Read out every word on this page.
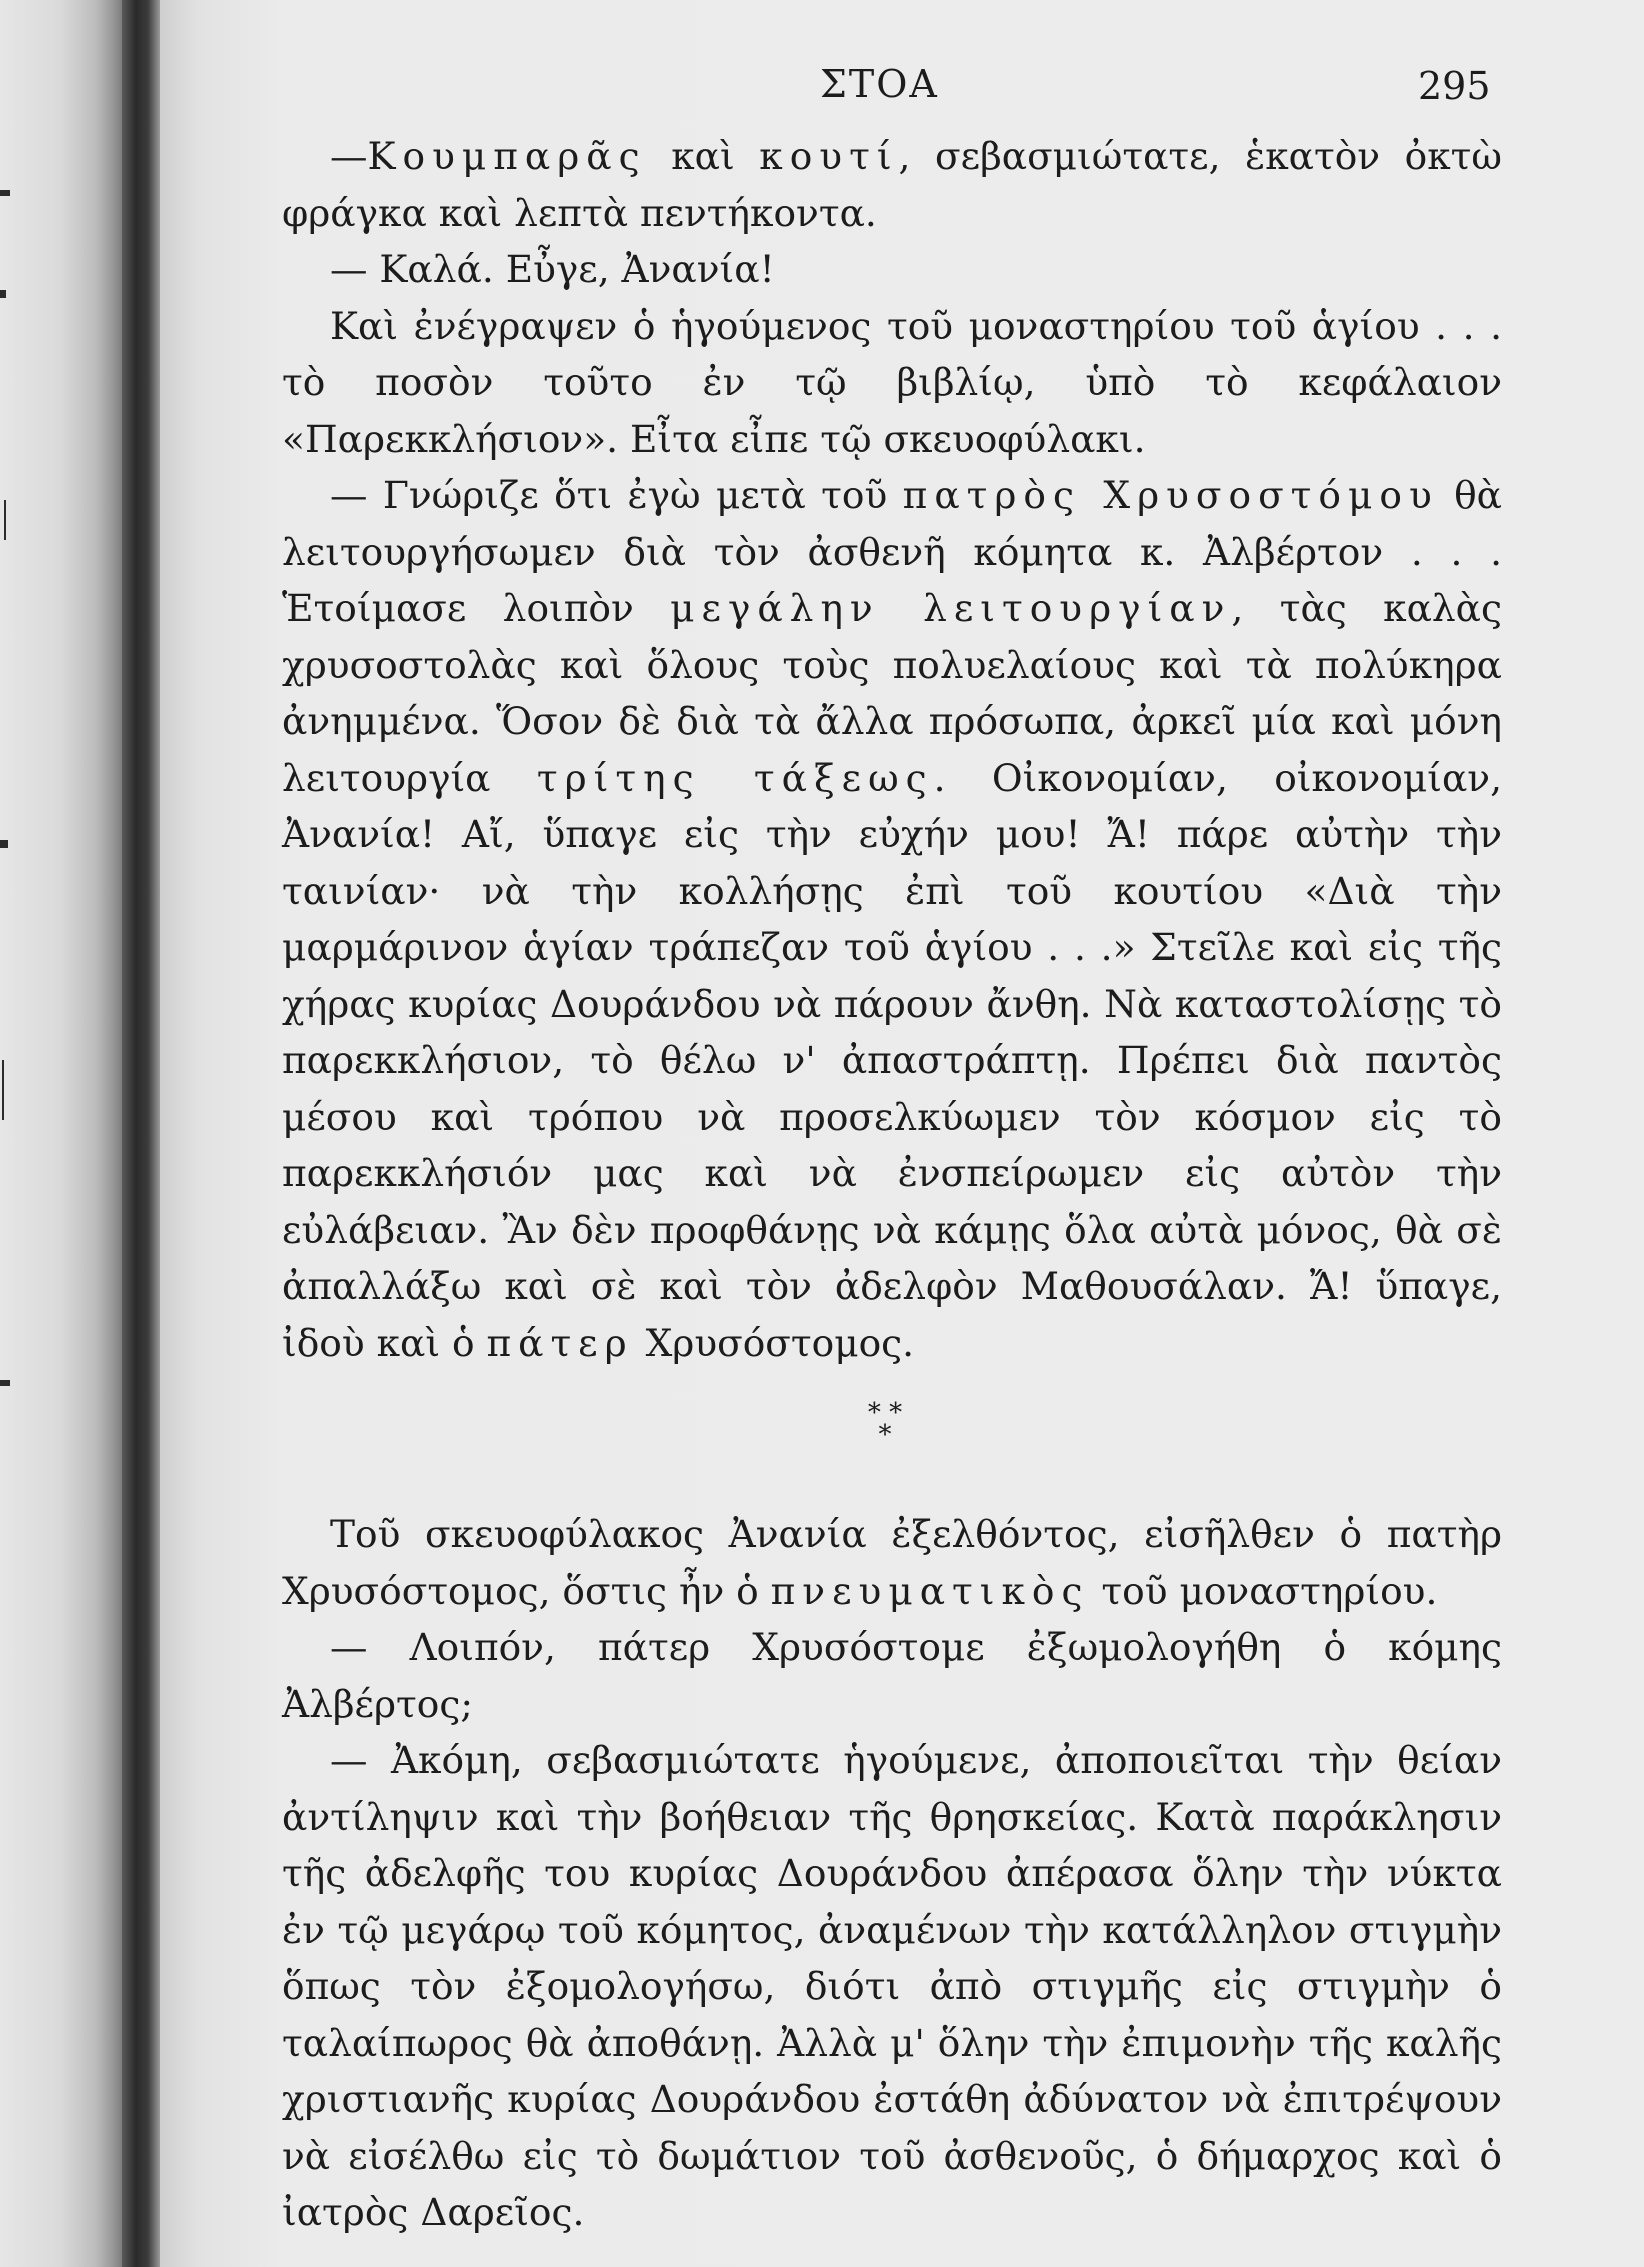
ΣΤΟΑ	295

—Κουμπαρᾶς καὶ κουτί, σεβασμιώτατε, ἑκατὸν ὀκτὼ φράγκα καὶ λεπτὰ πεντήκοντα.

— Καλά. Εὖγε, Ἀνανία!

Καὶ ἐνέγραψεν ὁ ἡγούμενος τοῦ μοναστηρίου τοῦ ἁγίου . . . τὸ ποσὸν τοῦτο ἐν τῷ βιβλίῳ, ὑπὸ τὸ κεφάλαιον «Παρεκκλήσιον». Εἶτα εἶπε τῷ σκευοφύλακι.

— Γνώριζε ὅτι ἐγὼ μετὰ τοῦ πατρὸς Χρυσοστόμου θὰ λειτουργήσωμεν διὰ τὸν ἀσθενῆ κόμητα κ. Ἀλβέρτον . . . Ἑτοίμασε λοιπὸν μεγάλην λειτουργίαν, τὰς καλὰς χρυσοστολὰς καὶ ὅλους τοὺς πολυελαίους καὶ τὰ πολύκηρα ἀνημμένα. Ὅσον δὲ διὰ τὰ ἄλλα πρόσωπα, ἀρκεῖ μία καὶ μόνη λειτουργία τρίτης τάξεως. Οἰκονομίαν, οἰκονομίαν, Ἀνανία! Αἴ, ὕπαγε εἰς τὴν εὐχήν μου! Ἄ! πάρε αὐτὴν τὴν ταινίαν· νὰ τὴν κολλήσῃς ἐπὶ τοῦ κουτίου «Διὰ τὴν μαρμάρινον ἁγίαν τράπεζαν τοῦ ἁγίου . . .» Στεῖλε καὶ εἰς τῆς χήρας κυρίας Δουράνδου νὰ πάρουν ἄνθη. Νὰ καταστολίσῃς τὸ παρεκκλήσιον, τὸ θέλω ν' ἀπαστράπτῃ. Πρέπει διὰ παντὸς μέσου καὶ τρόπου νὰ προσελκύωμεν τὸν κόσμον εἰς τὸ παρεκκλήσιόν μας καὶ νὰ ἐνσπείρωμεν εἰς αὐτὸν τὴν εὐλάβειαν. Ἂν δὲν προφθάνῃς νὰ κάμῃς ὅλα αὐτὰ μόνος, θὰ σὲ ἀπαλλάξω καὶ σὲ καὶ τὸν ἀδελφὸν Μαθουσάλαν. Ἄ! ὕπαγε, ἰδοὺ καὶ ὁ πάτερ Χρυσόστομος.

* *
*

Τοῦ σκευοφύλακος Ἀνανία ἐξελθόντος, εἰσῆλθεν ὁ πατὴρ Χρυσόστομος, ὅστις ἦν ὁ πνευματικὸς τοῦ μοναστηρίου.

— Λοιπόν, πάτερ Χρυσόστομε ἐξωμολογήθη ὁ κόμης Ἀλβέρτος;

— Ἀκόμη, σεβασμιώτατε ἡγούμενε, ἀποποιεῖται τὴν θείαν ἀντίληψιν καὶ τὴν βοήθειαν τῆς θρησκείας. Κατὰ παράκλησιν τῆς ἀδελφῆς του κυρίας Δουράνδου ἀπέρασα ὅλην τὴν νύκτα ἐν τῷ μεγάρῳ τοῦ κόμητος, ἀναμένων τὴν κατάλληλον στιγμὴν ὅπως τὸν ἐξομολογήσω, διότι ἀπὸ στιγμῆς εἰς στιγμὴν ὁ ταλαίπωρος θὰ ἀποθάνῃ. Ἀλλὰ μ' ὅλην τὴν ἐπιμονὴν τῆς καλῆς χριστιανῆς κυρίας Δουράνδου ἐστάθη ἀδύνατον νὰ ἐπιτρέψουν νὰ εἰσέλθω εἰς τὸ δωμάτιον τοῦ ἀσθενοῦς, ὁ δήμαρχος καὶ ὁ ἰατρὸς Δαρεῖος.
